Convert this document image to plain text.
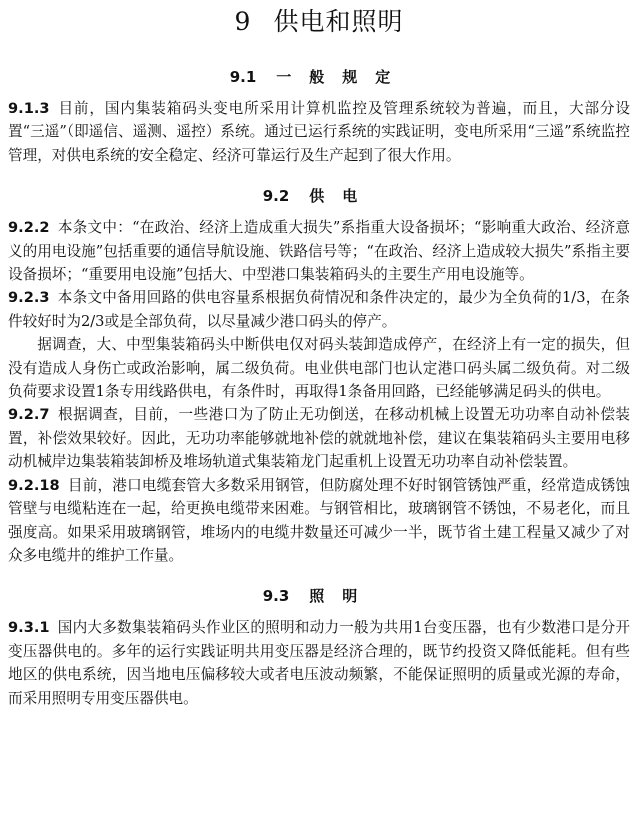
9 供电和照明
9.1 一般规定

9.1.3 目前，国内集装箱码头变电所采用计算机监控及管理系统较为普遍，而且，大部分设置“三遥”（即遥信、遥测、遥控）系统。通过已运行系统的实践证明，变电所采用“三遥”系统监控管理，对供电系统的安全稳定、经济可靠运行及生产起到了很大作用。

9.2 供电

9.2.2 本条文中：“在政治、经济上造成重大损失”系指重大设备损坏；“影响重大政治、经济意义的用电设施”包括重要的通信导航设施、铁路信号等；“在政治、经济上造成较大损失”系指主要设备损坏；“重要用电设施”包括大、中型港口集装箱码头的主要生产用电设施等。

9.2.3 本条文中备用回路的供电容量系根据负荷情况和条件决定的，最少为全负荷的1/3，在条件较好时为2/3或是全部负荷，以尽量减少港口码头的停产。

据调查，大、中型集装箱码头中断供电仅对码头装卸造成停产，在经济上有一定的损失，但没有造成人身伤亡或政治影响，属二级负荷。电业供电部门也认定港口码头属二级负荷。对二级负荷要求设置1条专用线路供电，有条件时，再取得1条备用回路，已经能够满足码头的供电。

9.2.7 根据调查，目前，一些港口为了防止无功倒送，在移动机械上设置无功功率自动补偿装置，补偿效果较好。因此，无功功率能够就地补偿的就就地补偿，建议在集装箱码头主要用电移动机械岸边集装箱装卸桥及堆场轨道式集装箱龙门起重机上设置无功功率自动补偿装置。

9.2.18 目前，港口电缆套管大多数采用钢管，但防腐处理不好时钢管锈蚀严重，经常造成锈蚀管壁与电缆粘连在一起，给更换电缆带来困难。与钢管相比，玻璃钢管不锈蚀，不易老化，而且强度高。如果采用玻璃钢管，堆场内的电缆井数量还可减少一半，既节省土建工程量又减少了对众多电缆井的维护工作量。

9.3 照明

9.3.1 国内大多数集装箱码头作业区的照明和动力一般为共用1台变压器，也有少数港口是分开变压器供电的。多年的运行实践证明共用变压器是经济合理的，既节约投资又降低能耗。但有些地区的供电系统，因当地电压偏移较大或者电压波动频繁，不能保证照明的质量或光源的寿命，而采用照明专用变压器供电。
